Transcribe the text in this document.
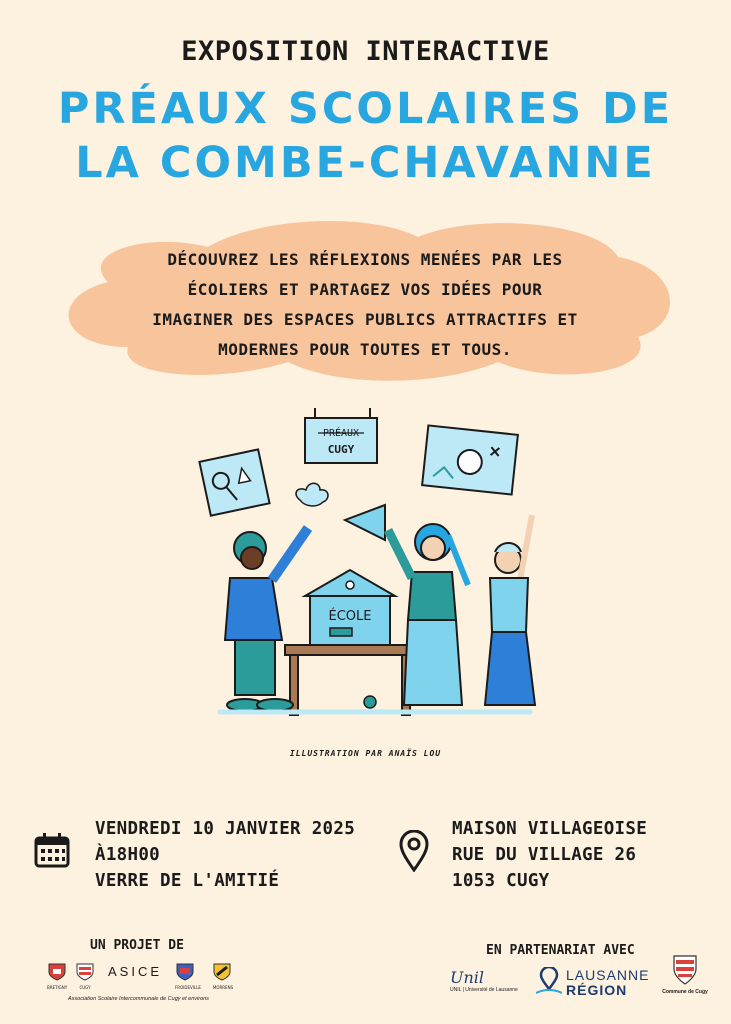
EXPOSITION INTERACTIVE
PRÉAUX SCOLAIRES DE
LA COMBE-CHAVANNE
DÉCOUVREZ LES RÉFLEXIONS MENÉES PAR LES
ÉCOLIERS ET PARTAGEZ VOS IDÉES POUR
IMAGINER DES ESPACES PUBLICS ATTRACTIFS ET
MODERNES POUR TOUTES ET TOUS.
PRÉAUX
CUGY
ÉCOLE
ILLUSTRATION PAR ANAÏS LOU
VENDREDI 10 JANVIER 2025
À18H00
VERRE DE L'AMITIÉ
MAISON VILLAGEOISE
RUE DU VILLAGE 26
1053 CUGY
UN PROJET DE	EN PARTENARIAT AVEC
BRETIGNY	CUGY
ASICE
FROIDEVILLE	MORRENS
Association Scolaire Intercommunale de Cugy et environs
Unil
UNIL | Université de Lausanne
LAUSANNE
RÉGION	Commune de Cugy
